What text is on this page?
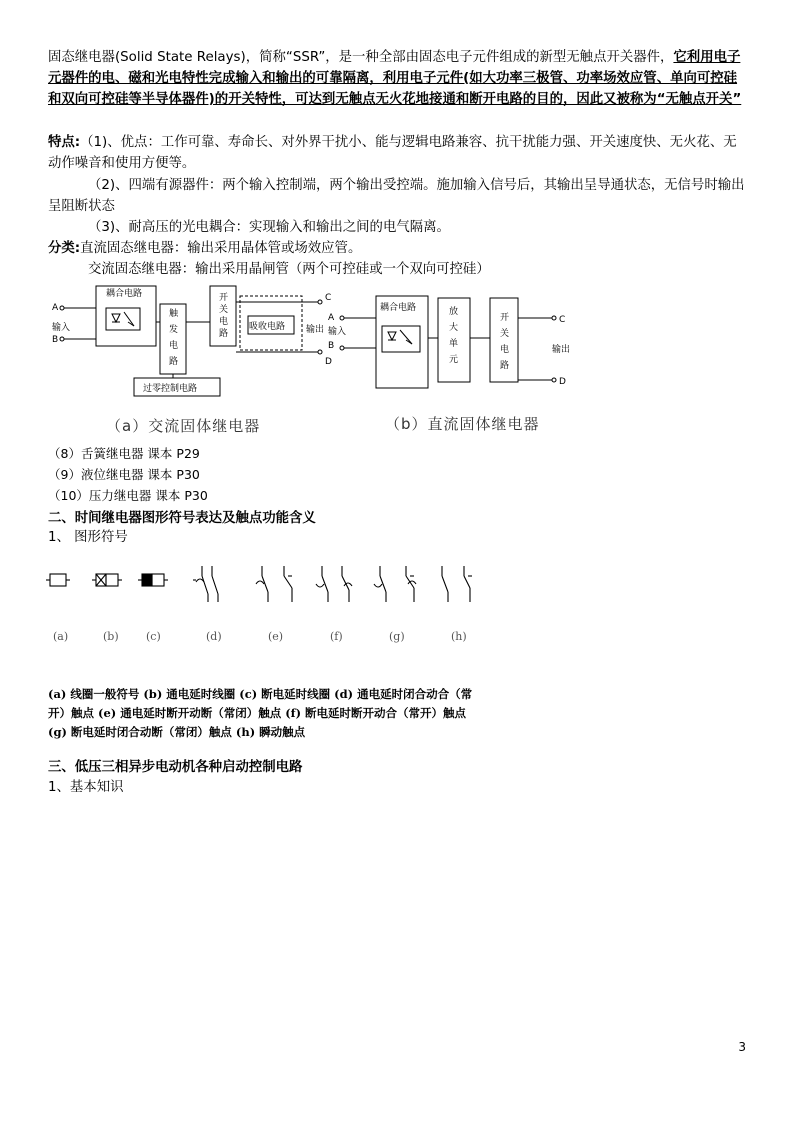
固态继电器(Solid State Relays)，简称“SSR”，是一种全部由固态电子元件组成的新型无触点开关器件，它利用电子元器件的电、磁和光电特性完成输入和输出的可靠隔离，利用电子元件(如大功率三极管、功率场效应管、单向可控硅和双向可控硅等半导体器件)的开关特性，可达到无触点无火花地接通和断开电路的目的，因此又被称为“无触点开关”
特点:（1)、优点：工作可靠、寿命长、对外界干扰小、能与逻辑电路兼容、抗干扰能力强、开关速度快、无火花、无动作噪音和使用方便等。
（2)、四端有源器件：两个输入控制端，两个输出受控端。施加输入信号后，其输出呈导通状态，无信号时输出呈阻断状态
（3)、耐高压的光电耦合：实现输入和输出之间的电气隔离。
分类:直流固态继电器：输出采用晶体管或场效应管。
交流固态继电器：输出采用晶闸管（两个可控硅或一个双向可控硅）
A
输入
B
耦合电路
触
发
电
路
开
关
电
路
吸收电路
C
输出
D
过零控制电路
（a）交流固体继电器
A
输入
B
耦合电路	放
大
单
元
开
关
电
路
C
输出
D
（b）直流固体继电器
（8）舌簧继电器 课本 P29
（9）液位继电器 课本 P30
（10）压力继电器 课本 P30
二、时间继电器图形符号表达及触点功能含义
1、 图形符号
(a)	(b) (c)	(d)	(e)	(f)	(g)	(h)
(a) 线圈一般符号 (b) 通电延时线圈 (c) 断电延时线圈 (d) 通电延时闭合动合（常开）触点 (e) 通电延时断开动断（常闭）触点 (f) 断电延时断开动合（常开）触点 (g) 断电延时闭合动断（常闭）触点 (h) 瞬动触点
三、低压三相异步电动机各种启动控制电路
1、基本知识
3
